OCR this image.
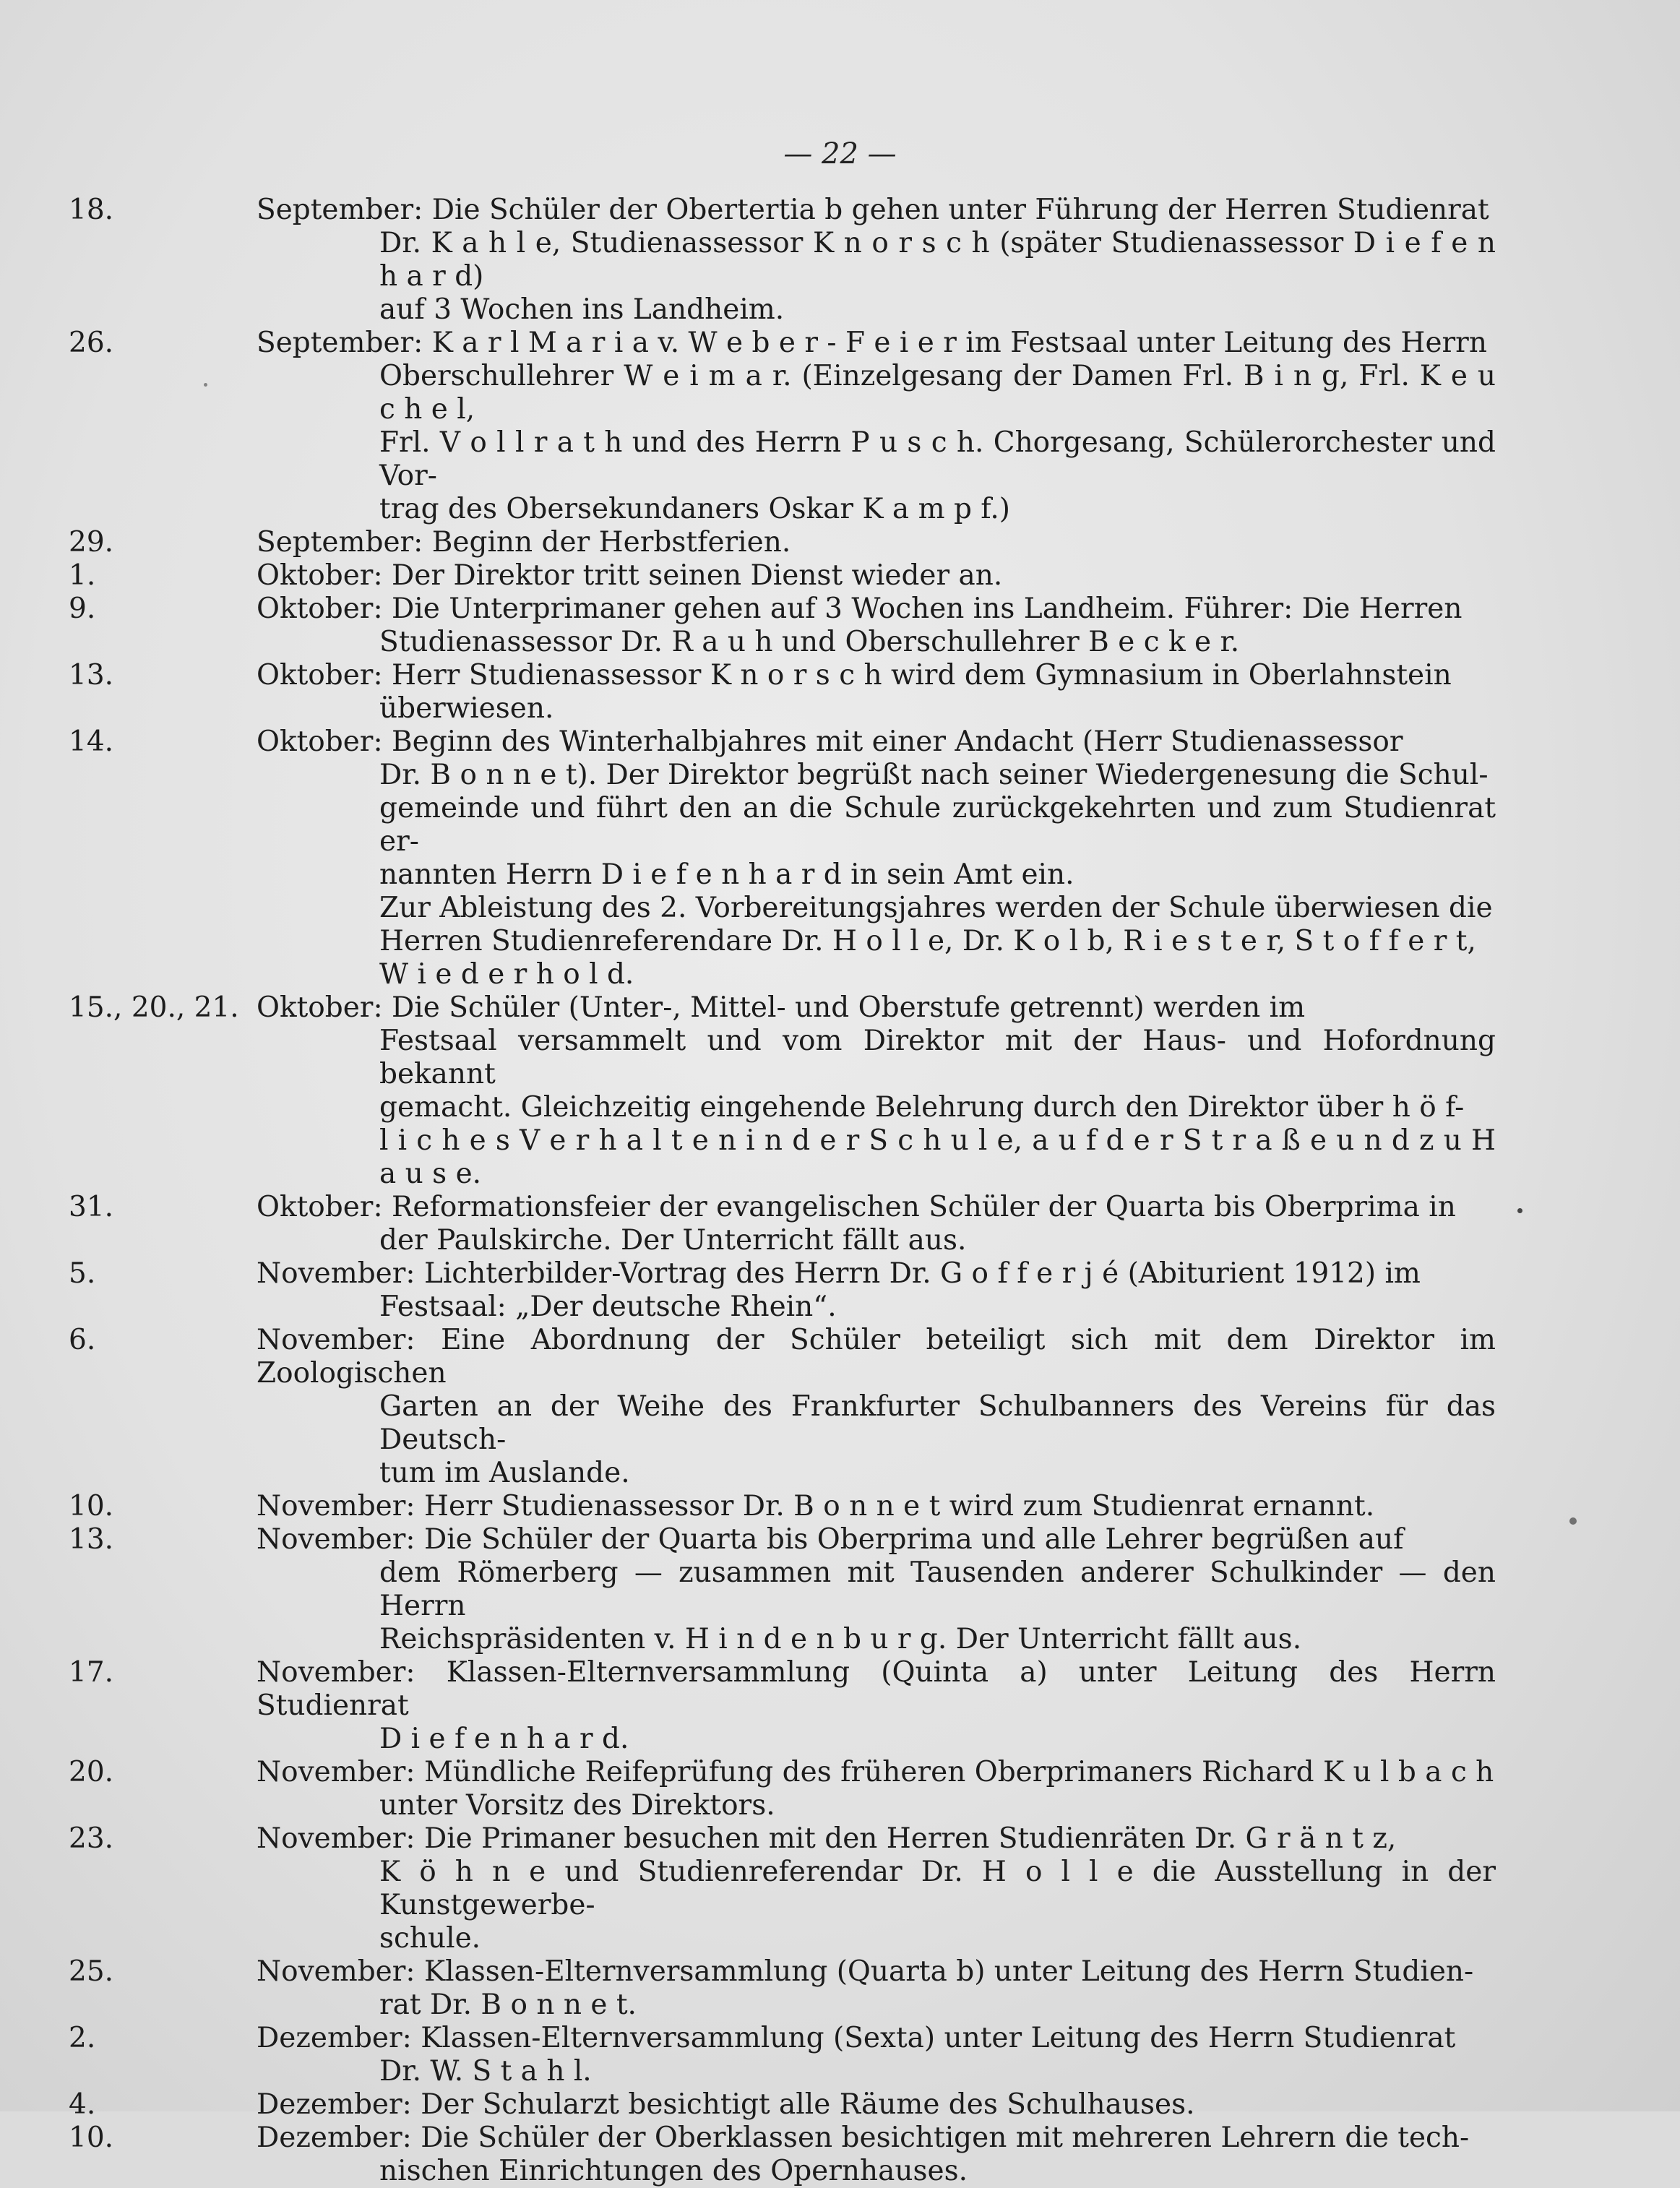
— 22 —
18.	September: Die Schüler der Obertertia b gehen unter Führung der Herren Studienrat
Dr. K a h l e, Studienassessor K n o r s c h (später Studienassessor D i e f e n h a r d)
auf 3 Wochen ins Landheim.
26.	September: K a r l M a r i a v. W e b e r - F e i e r im Festsaal unter Leitung des Herrn
Oberschullehrer W e i m a r. (Einzelgesang der Damen Frl. B i n g, Frl. K e u c h e l,
Frl. V o l l r a t h und des Herrn P u s c h. Chorgesang, Schülerorchester und Vor-
trag des Obersekundaners Oskar K a m p f.)
29.	September: Beginn der Herbstferien.
1.	Oktober: Der Direktor tritt seinen Dienst wieder an.
9.	Oktober: Die Unterprimaner gehen auf 3 Wochen ins Landheim. Führer: Die Herren
Studienassessor Dr. R a u h und Oberschullehrer B e c k e r.
13.	Oktober: Herr Studienassessor K n o r s c h wird dem Gymnasium in Oberlahnstein
überwiesen.
14.	Oktober: Beginn des Winterhalbjahres mit einer Andacht (Herr Studienassessor
Dr. B o n n e t). Der Direktor begrüßt nach seiner Wiedergenesung die Schul-
gemeinde und führt den an die Schule zurückgekehrten und zum Studienrat er-
nannten Herrn D i e f e n h a r d in sein Amt ein.
Zur Ableistung des 2. Vorbereitungsjahres werden der Schule überwiesen die
Herren Studienreferendare Dr. H o l l e, Dr. K o l b, R i e s t e r, S t o f f e r t,
W i e d e r h o l d.
15., 20., 21. Oktober: Die Schüler (Unter-, Mittel- und Oberstufe getrennt) werden im
Festsaal versammelt und vom Direktor mit der Haus- und Hofordnung bekannt
gemacht. Gleichzeitig eingehende Belehrung durch den Direktor über h ö f-
l i c h e s V e r h a l t e n i n d e r S c h u l e, a u f d e r S t r a ß e u n d z u H a u s e.
31.	Oktober: Reformationsfeier der evangelischen Schüler der Quarta bis Oberprima in
der Paulskirche. Der Unterricht fällt aus.
5.	November: Lichterbilder-Vortrag des Herrn Dr. G o f f e r j é (Abiturient 1912) im
Festsaal: „Der deutsche Rhein“.
6.	November: Eine Abordnung der Schüler beteiligt sich mit dem Direktor im Zoologischen
Garten an der Weihe des Frankfurter Schulbanners des Vereins für das Deutsch-
tum im Auslande.
10.	November: Herr Studienassessor Dr. B o n n e t wird zum Studienrat ernannt.
13.	November: Die Schüler der Quarta bis Oberprima und alle Lehrer begrüßen auf
dem Römerberg — zusammen mit Tausenden anderer Schulkinder — den Herrn
Reichspräsidenten v. H i n d e n b u r g. Der Unterricht fällt aus.
17.	November: Klassen-Elternversammlung (Quinta a) unter Leitung des Herrn Studienrat
D i e f e n h a r d.
20.	November: Mündliche Reifeprüfung des früheren Oberprimaners Richard K u l b a c h
unter Vorsitz des Direktors.
23.	November: Die Primaner besuchen mit den Herren Studienräten Dr. G r ä n t z,
K ö h n e und Studienreferendar Dr. H o l l e die Ausstellung in der Kunstgewerbe-
schule.
25.	November: Klassen-Elternversammlung (Quarta b) unter Leitung des Herrn Studien-
rat Dr. B o n n e t.
2.	Dezember: Klassen-Elternversammlung (Sexta) unter Leitung des Herrn Studienrat
Dr. W. S t a h l.
4.	Dezember: Der Schularzt besichtigt alle Räume des Schulhauses.
10.	Dezember: Die Schüler der Oberklassen besichtigen mit mehreren Lehrern die tech-
nischen Einrichtungen des Opernhauses.
